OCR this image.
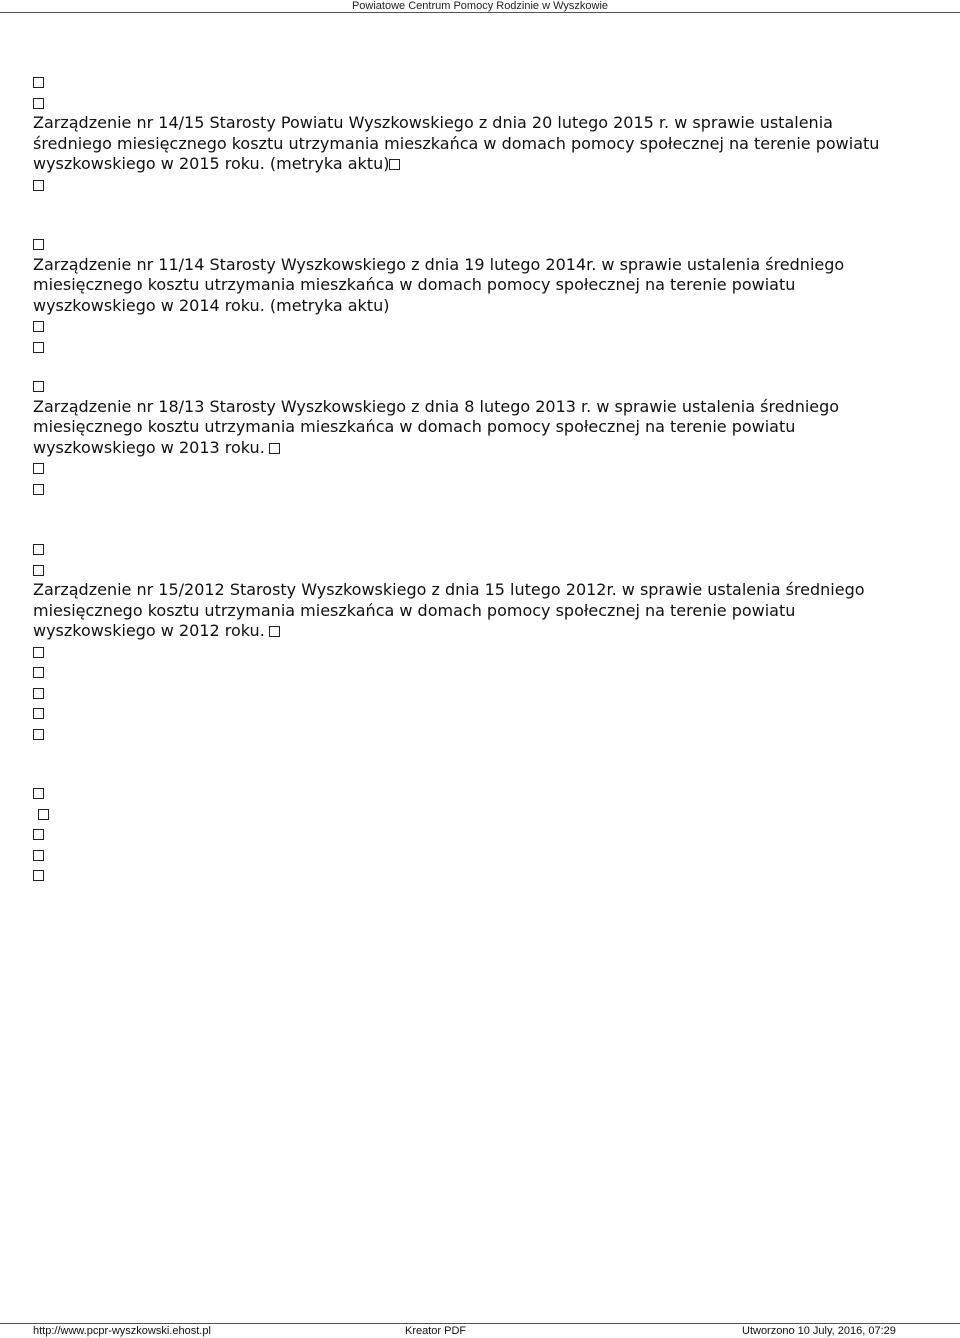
Powiatowe Centrum Pomocy Rodzinie w Wyszkowie
Zarządzenie nr 14/15 Starosty Powiatu Wyszkowskiego z dnia 20 lutego 2015 r. w sprawie ustalenia
średniego miesięcznego kosztu utrzymania mieszkańca w domach pomocy społecznej na terenie powiatu
wyszkowskiego w 2015 roku. (metryka aktu)
Zarządzenie nr 11/14 Starosty Wyszkowskiego z dnia 19 lutego 2014r. w sprawie ustalenia średniego
miesięcznego kosztu utrzymania mieszkańca w domach pomocy społecznej na terenie powiatu
wyszkowskiego w 2014 roku. (metryka aktu)
Zarządzenie nr 18/13 Starosty Wyszkowskiego z dnia 8 lutego 2013 r. w sprawie ustalenia średniego
miesięcznego kosztu utrzymania mieszkańca w domach pomocy społecznej na terenie powiatu
wyszkowskiego w 2013 roku.
Zarządzenie nr 15/2012 Starosty Wyszkowskiego z dnia 15 lutego 2012r. w sprawie ustalenia średniego
miesięcznego kosztu utrzymania mieszkańca w domach pomocy społecznej na terenie powiatu
wyszkowskiego w 2012 roku.
http://www.pcpr-wyszkowski.ehost.pl	Kreator PDF	Utworzono 10 July, 2016, 07:29
